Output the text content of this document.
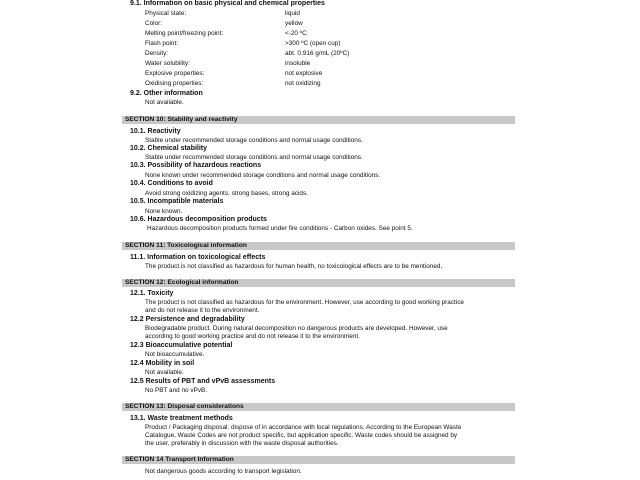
9.1. Information on basic physical and chemical properties
Physical state:	liquid
Color:	yellow
Melting point/freezing point:	<-20 ºC
Flash point:	>300 ºC (open cup)
Density:	abt. 0.916 g/mL (20ºC)
Water solubility:	insoluble
Explosive properties:	not explosive
Oxidising properties:	not oxidizing
9.2. Other information
Not available.
SECTION 10: Stability and reactivity
10.1. Reactivity
Stable under recommended storage conditions and normal usage conditions.
10.2. Chemical stability
Stable under recommended storage conditions and normal usage conditions.
10.3. Possibility of hazardous reactions
None known under recommended storage conditions and normal usage conditions.
10.4. Conditions to avoid
Avoid strong oxidizing agents, strong bases, strong acids.
10.5. Incompatible materials
None known.
10.6. Hazardous decomposition products
Hazardous decomposition products formed under fire conditions - Carbon oxides. See point 5.
SECTION 11: Toxicological information
11.1. Information on toxicological effects
The product is not classified as hazardous for human health, no toxicological effects are to be mentioned.
SECTION 12: Ecological information
12.1. Toxicity
The product is not classified as hazardous for the environment. However, use according to good working practice
and do not release it to the environment.
12.2 Persistence and degradability
Biodegradable product. During natural decomposition no dangerous products are developed. However, use
according to good working practice and do not release it to the environment.
12.3 Bioaccumulative potential
Not bioaccumulative.
12.4 Mobility in soil
Not available.
12.5 Results of PBT and vPvB assessments
No PBT and no vPvB.
SECTION 13: Disposal considerations
13.1. Waste treatment methods
Product / Packaging disposal: dispose of in accordance with local regulations. According to the European Waste
Catalogue, Waste Codes are not product specific, but application specific. Waste codes should be assigned by
the user, preferably in discussion with the waste disposal authorities.
SECTION 14 Transport Information
Not dangerous goods according to transport legislation.
